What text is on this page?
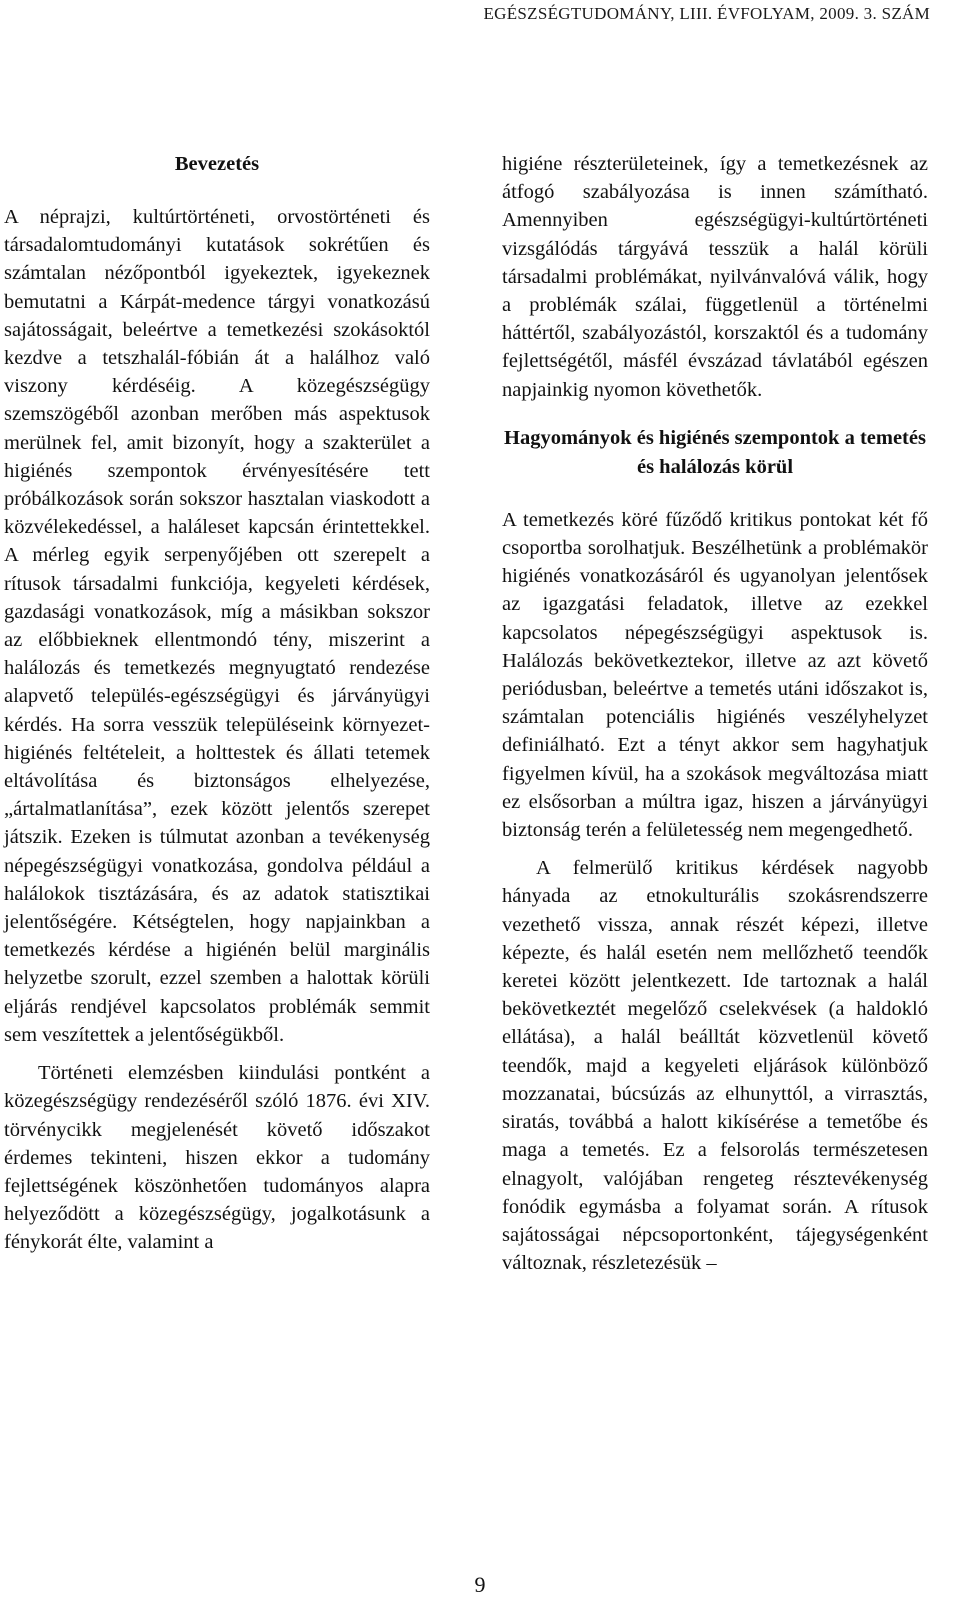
EGÉSZSÉGTUDOMÁNY, LIII. ÉVFOLYAM, 2009. 3. SZÁM
Bevezetés

A néprajzi, kultúrtörténeti, orvostörténeti és társadalomtudományi kutatások sokrétűen és számtalan nézőpontból igyekeztek, igyekeznek bemutatni a Kárpát-medence tárgyi vonatkozású sajátosságait, beleértve a temetkezési szokásoktól kezdve a tetszhalál-fóbián át a halálhoz való viszony kérdéséig. A közegészségügy szemszögéből azonban merőben más aspektusok merülnek fel, amit bizonyít, hogy a szakterület a higiénés szempontok érvényesítésére tett próbálkozások során sokszor hasztalan viaskodott a közvélekedéssel, a haláleset kapcsán érintettekkel. A mérleg egyik serpenyőjében ott szerepelt a rítusok társadalmi funkciója, kegyeleti kérdések, gazdasági vonatkozások, míg a másikban sokszor az előbbieknek ellentmondó tény, miszerint a halálozás és temetkezés megnyugtató rendezése alapvető település-egészségügyi és járványügyi kérdés. Ha sorra vesszük településeink környezet-higiénés feltételeit, a holttestek és állati tetemek eltávolítása és biztonságos elhelyezése, „ártalmatlanítása”, ezek között jelentős szerepet játszik. Ezeken is túlmutat azonban a tevékenység népegészségügyi vonatkozása, gondolva például a halálokok tisztázására, és az adatok statisztikai jelentőségére. Kétségtelen, hogy napjainkban a temetkezés kérdése a higiénén belül marginális helyzetbe szorult, ezzel szemben a halottak körüli eljárás rendjével kapcsolatos problémák semmit sem veszítettek a jelentőségükből.

Történeti elemzésben kiindulási pontként a közegészségügy rendezéséről szóló 1876. évi XIV. törvénycikk megjelenését követő időszakot érdemes tekinteni, hiszen ekkor a tudomány fejlettségének köszönhetően tudományos alapra helyeződött a közegészségügy, jogalkotásunk a fénykorát élte, valamint a

higiéne részterületeinek, így a temetkezésnek az átfogó szabályozása is innen számítható. Amennyiben egészségügyi-kultúrtörténeti vizsgálódás tárgyává tesszük a halál körüli társadalmi problémákat, nyilvánvalóvá válik, hogy a problémák szálai, függetlenül a történelmi háttértől, szabályozástól, korszaktól és a tudomány fejlettségétől, másfél évszázad távlatából egészen napjainkig nyomon követhetők.

Hagyományok és higiénés szempontok a temetés és halálozás körül

A temetkezés köré fűződő kritikus pontokat két fő csoportba sorolhatjuk. Beszélhetünk a problémakör higiénés vonatkozásáról és ugyanolyan jelentősek az igazgatási feladatok, illetve az ezekkel kapcsolatos népegészségügyi aspektusok is. Halálozás bekövetkeztekor, illetve az azt követő periódusban, beleértve a temetés utáni időszakot is, számtalan potenciális higiénés veszélyhelyzet definiálható. Ezt a tényt akkor sem hagyhatjuk figyelmen kívül, ha a szokások megváltozása miatt ez elsősorban a múltra igaz, hiszen a járványügyi biztonság terén a felületesség nem megengedhető.

A felmerülő kritikus kérdések nagyobb hányada az etnokulturális szokásrendszerre vezethető vissza, annak részét képezi, illetve képezte, és halál esetén nem mellőzhető teendők keretei között jelentkezett. Ide tartoznak a halál bekövetkeztét megelőző cselekvések (a haldokló ellátása), a halál beálltát közvetlenül követő teendők, majd a kegyeleti eljárások különböző mozzanatai, búcsúzás az elhunyttól, a virrasztás, siratás, továbbá a halott kikísérése a temetőbe és maga a temetés. Ez a felsorolás természetesen elnagyolt, valójában rengeteg résztevékenység fonódik egymásba a folyamat során. A rítusok sajátosságai népcsoportonként, tájegységenként változnak, részletezésük –

9
